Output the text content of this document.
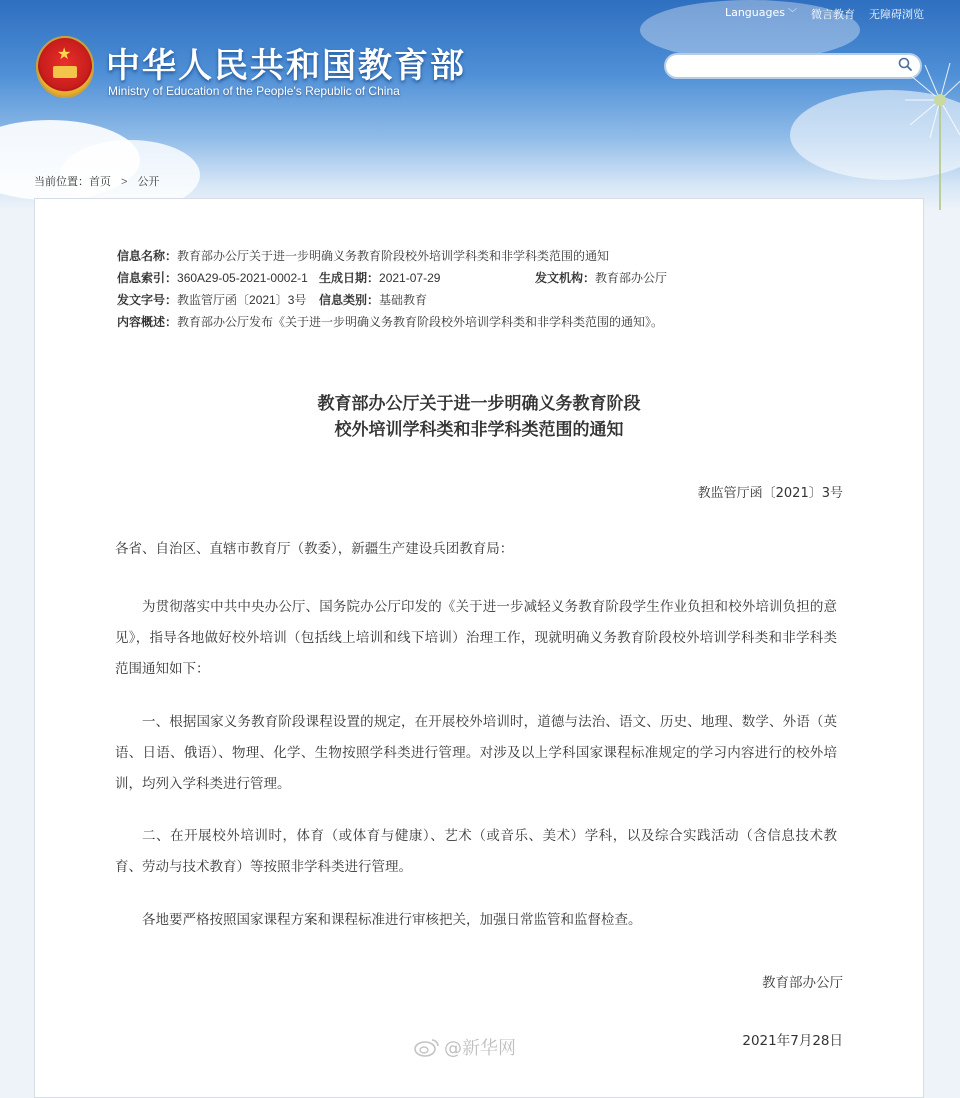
★ 中华人民共和国教育部
Ministry of Education of the People's Republic of China
Languages ﹀ 微言教育 无障碍浏览
当前位置：首页 > 公开
信息名称：教育部办公厅关于进一步明确义务教育阶段校外培训学科类和非学科类范围的通知
信息索引：360A29-05-2021-0002-1 生成日期：2021-07-29	发文机构：教育部办公厅
发文字号：教监管厅函〔2021〕3号 信息类别：基础教育
内容概述：教育部办公厅发布《关于进一步明确义务教育阶段校外培训学科类和非学科类范围的通知》。
教育部办公厅关于进一步明确义务教育阶段
校外培训学科类和非学科类范围的通知
教监管厅函〔2021〕3号
各省、自治区、直辖市教育厅（教委），新疆生产建设兵团教育局：
为贯彻落实中共中央办公厅、国务院办公厅印发的《关于进一步减轻义务教育阶段学生作业负担和校外培训负担的意见》，指导各地做好校外培训（包括线上培训和线下培训）治理工作，现就明确义务教育阶段校外培训学科类和非学科类范围通知如下：
一、根据国家义务教育阶段课程设置的规定，在开展校外培训时，道德与法治、语文、历史、地理、数学、外语（英语、日语、俄语）、物理、化学、生物按照学科类进行管理。对涉及以上学科国家课程标准规定的学习内容进行的校外培训，均列入学科类进行管理。
二、在开展校外培训时，体育（或体育与健康）、艺术（或音乐、美术）学科，以及综合实践活动（含信息技术教育、劳动与技术教育）等按照非学科类进行管理。
各地要严格按照国家课程方案和课程标准进行审核把关，加强日常监管和监督检查。
教育部办公厅
2021年7月28日
@新华网
